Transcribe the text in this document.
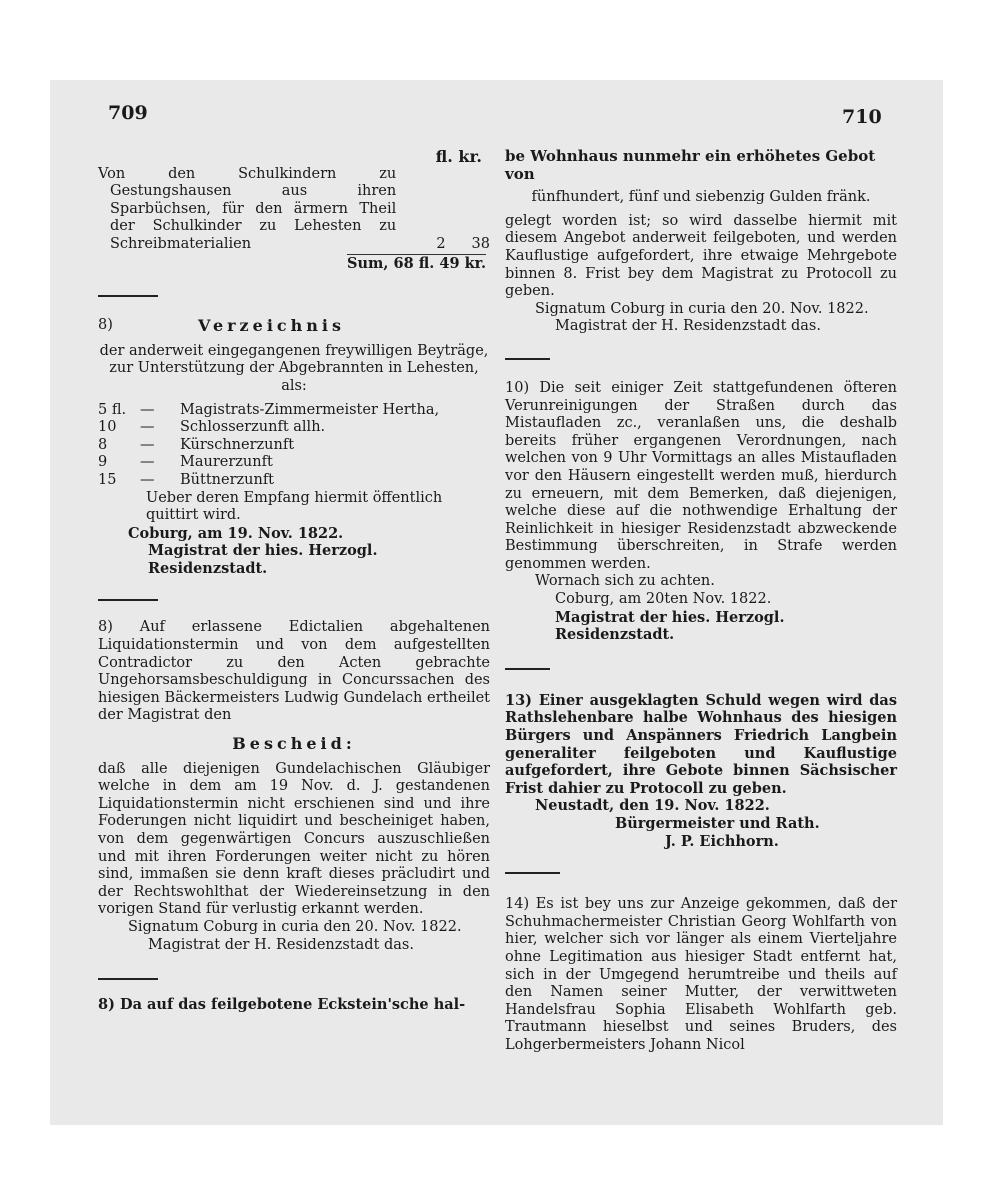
709	710
fl. kr.
Von den Schulkindern zu Gestungshausen aus ihren Sparbüchsen, für den ärmern Theil der Schulkinder zu Lehesten zu Schreibmaterialien	2	38
Sum, 68 fl. 49 kr.
8)	Verzeichnis
der anderweit eingegangenen freywilligen Beyträge, zur Unterstützung der Abgebrannten in Lehesten, als:
5 fl. —	Magistrats-Zimmermeister Hertha,
10	—	Schlosserzunft allh.
8	—	Kürschnerzunft
9	—	Maurerzunft
15	—	Büttnerzunft
Ueber deren Empfang hiermit öffentlich quittirt wird.
Coburg, am 19. Nov. 1822.
Magistrat der hies. Herzogl. Residenzstadt.
8) Auf erlassene Edictalien abgehaltenen Liquidationstermin und von dem aufgestellten Contradictor zu den Acten gebrachte Ungehorsamsbeschuldigung in Concurssachen des hiesigen Bäckermeisters Ludwig Gundelach ertheilet der Magistrat den
Bescheid:
daß alle diejenigen Gundelachischen Gläubiger welche in dem am 19 Nov. d. J. gestandenen Liquidationstermin nicht erschienen sind und ihre Foderungen nicht liquidirt und bescheiniget haben, von dem gegenwärtigen Concurs auszuschließen und mit ihren Forderungen weiter nicht zu hören sind, immaßen sie denn kraft dieses präcludirt und der Rechtswohlthat der Wiedereinsetzung in den vorigen Stand für verlustig erkannt werden.
Signatum Coburg in curia den 20. Nov. 1822.
Magistrat der H. Residenzstadt das.
8) Da auf das feilgebotene Eckstein'sche hal-
be Wohnhaus nunmehr ein erhöhetes Gebot von
fünfhundert, fünf und siebenzig Gulden fränk.
gelegt worden ist; so wird dasselbe hiermit mit diesem Angebot anderweit feilgeboten, und werden Kauflustige aufgefordert, ihre etwaige Mehrgebote binnen 8. Frist bey dem Magistrat zu Protocoll zu geben.
Signatum Coburg in curia den 20. Nov. 1822.
Magistrat der H. Residenzstadt das.
10) Die seit einiger Zeit stattgefundenen öfteren Verunreinigungen der Straßen durch das Mistaufladen zc., veranlaßen uns, die deshalb bereits früher ergangenen Verordnungen, nach welchen von 9 Uhr Vormittags an alles Mistaufladen vor den Häusern eingestellt werden muß, hierdurch zu erneuern, mit dem Bemerken, daß diejenigen, welche diese auf die nothwendige Erhaltung der Reinlichkeit in hiesiger Residenzstadt abzweckende Bestimmung überschreiten, in Strafe werden genommen werden.
Wornach sich zu achten.
Coburg, am 20ten Nov. 1822.
Magistrat der hies. Herzogl. Residenzstadt.
13) Einer ausgeklagten Schuld wegen wird das Rathslehenbare halbe Wohnhaus des hiesigen Bürgers und Anspänners Friedrich Langbein generaliter feilgeboten und Kauflustige aufgefordert, ihre Gebote binnen Sächsischer Frist dahier zu Protocoll zu geben.
Neustadt, den 19. Nov. 1822.
Bürgermeister und Rath.
J. P. Eichhorn.
14) Es ist bey uns zur Anzeige gekommen, daß der Schuhmachermeister Christian Georg Wohlfarth von hier, welcher sich vor länger als einem Vierteljahre ohne Legitimation aus hiesiger Stadt entfernt hat, sich in der Umgegend herumtreibe und theils auf den Namen seiner Mutter, der verwittweten Handelsfrau Sophia Elisabeth Wohlfarth geb. Trautmann hieselbst und seines Bruders, des Lohgerbermeisters Johann Nicol
